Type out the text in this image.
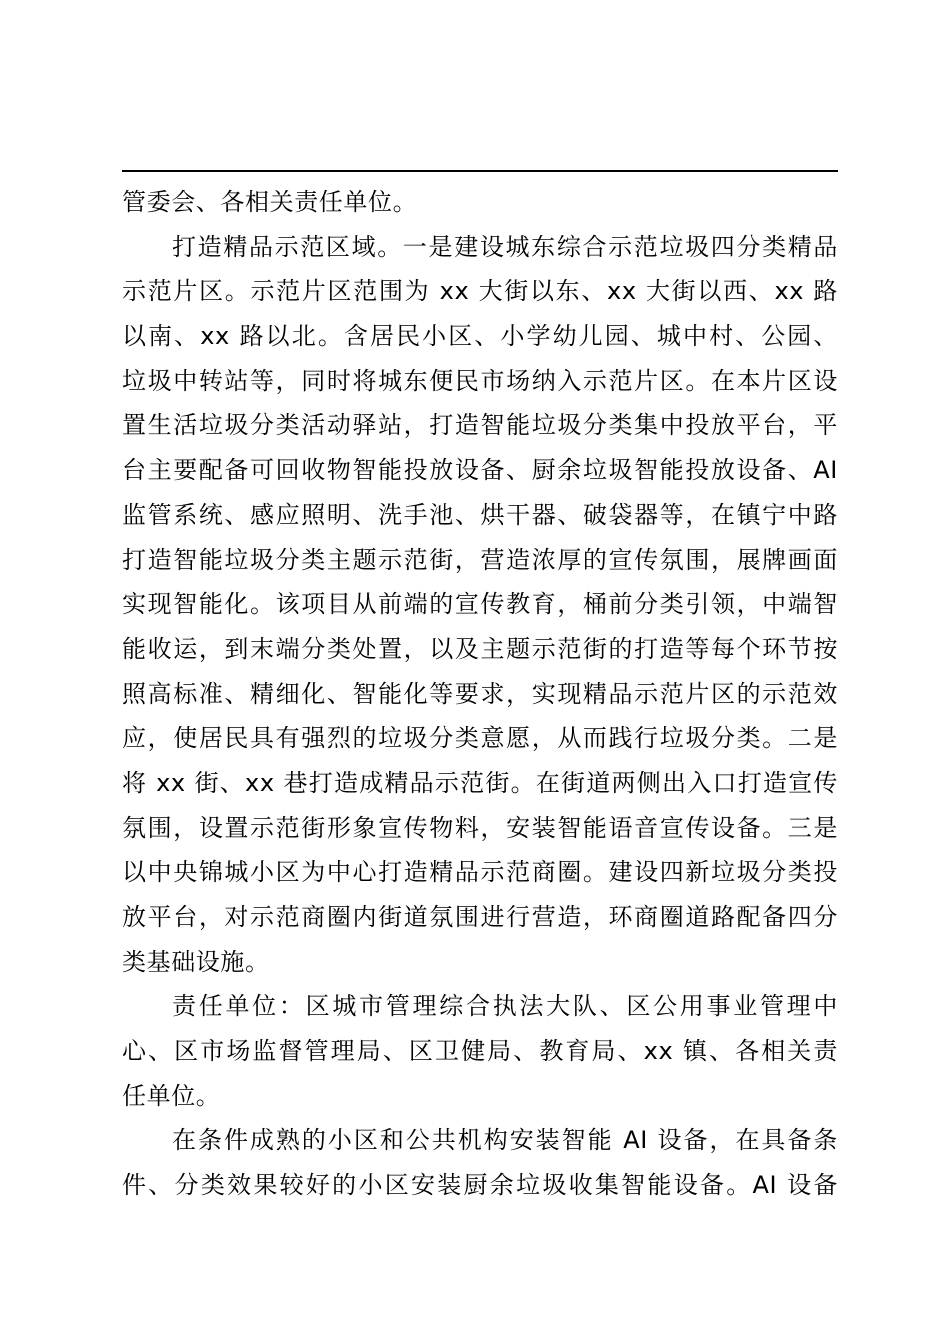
管委会、各相关责任单位。
打造精品示范区域。一是建设城东综合示范垃圾四分类精品
示范片区。示范片区范围为 xx 大街以东、xx 大街以西、xx 路
以南、xx 路以北。含居民小区、小学幼儿园、城中村、公园、
垃圾中转站等，同时将城东便民市场纳入示范片区。在本片区设
置生活垃圾分类活动驿站，打造智能垃圾分类集中投放平台，平
台主要配备可回收物智能投放设备、厨余垃圾智能投放设备、AI
监管系统、感应照明、洗手池、烘干器、破袋器等，在镇宁中路
打造智能垃圾分类主题示范街，营造浓厚的宣传氛围，展牌画面
实现智能化。该项目从前端的宣传教育，桶前分类引领，中端智
能收运，到末端分类处置，以及主题示范街的打造等每个环节按
照高标准、精细化、智能化等要求，实现精品示范片区的示范效
应，使居民具有强烈的垃圾分类意愿，从而践行垃圾分类。二是
将 xx 街、xx 巷打造成精品示范街。在街道两侧出入口打造宣传
氛围，设置示范街形象宣传物料，安装智能语音宣传设备。三是
以中央锦城小区为中心打造精品示范商圈。建设四新垃圾分类投
放平台，对示范商圈内街道氛围进行营造，环商圈道路配备四分
类基础设施。
责任单位：区城市管理综合执法大队、区公用事业管理中
心、区市场监督管理局、区卫健局、教育局、xx 镇、各相关责
任单位。
在条件成熟的小区和公共机构安装智能 AI 设备，在具备条
件、分类效果较好的小区安装厨余垃圾收集智能设备。AI 设备
